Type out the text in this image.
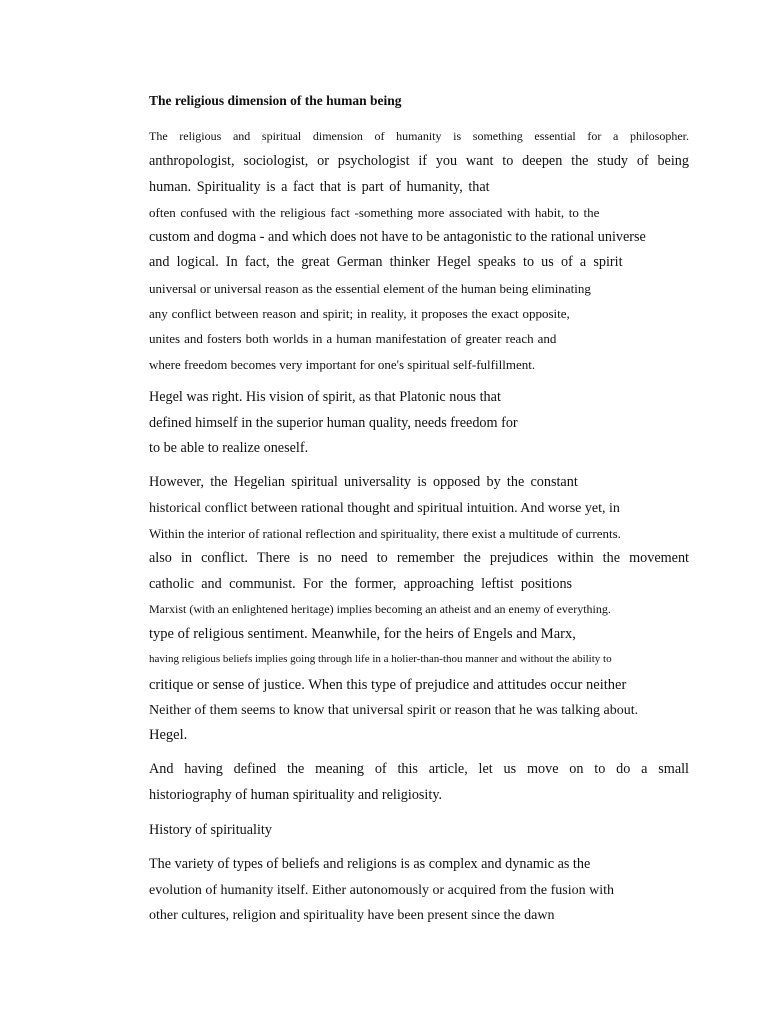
The religious dimension of the human being
The religious and spiritual dimension of humanity is something essential for a philosopher.
anthropologist, sociologist, or psychologist if you want to deepen the study of being
human. Spirituality is a fact that is part of humanity, that
often confused with the religious fact -something more associated with habit, to the
custom and dogma - and which does not have to be antagonistic to the rational universe
and logical. In fact, the great German thinker Hegel speaks to us of a spirit
universal or universal reason as the essential element of the human being eliminating
any conflict between reason and spirit; in reality, it proposes the exact opposite,
unites and fosters both worlds in a human manifestation of greater reach and
where freedom becomes very important for one's spiritual self-fulfillment.
Hegel was right. His vision of spirit, as that Platonic nous that
defined himself in the superior human quality, needs freedom for
to be able to realize oneself.
However, the Hegelian spiritual universality is opposed by the constant
historical conflict between rational thought and spiritual intuition. And worse yet, in
Within the interior of rational reflection and spirituality, there exist a multitude of currents.
also in conflict. There is no need to remember the prejudices within the movement
catholic and communist. For the former, approaching leftist positions
Marxist (with an enlightened heritage) implies becoming an atheist and an enemy of everything.
type of religious sentiment. Meanwhile, for the heirs of Engels and Marx,
having religious beliefs implies going through life in a holier-than-thou manner and without the ability to
critique or sense of justice. When this type of prejudice and attitudes occur neither
Neither of them seems to know that universal spirit or reason that he was talking about.
Hegel.
And having defined the meaning of this article, let us move on to do a small
historiography of human spirituality and religiosity.
History of spirituality
The variety of types of beliefs and religions is as complex and dynamic as the
evolution of humanity itself. Either autonomously or acquired from the fusion with
other cultures, religion and spirituality have been present since the dawn
